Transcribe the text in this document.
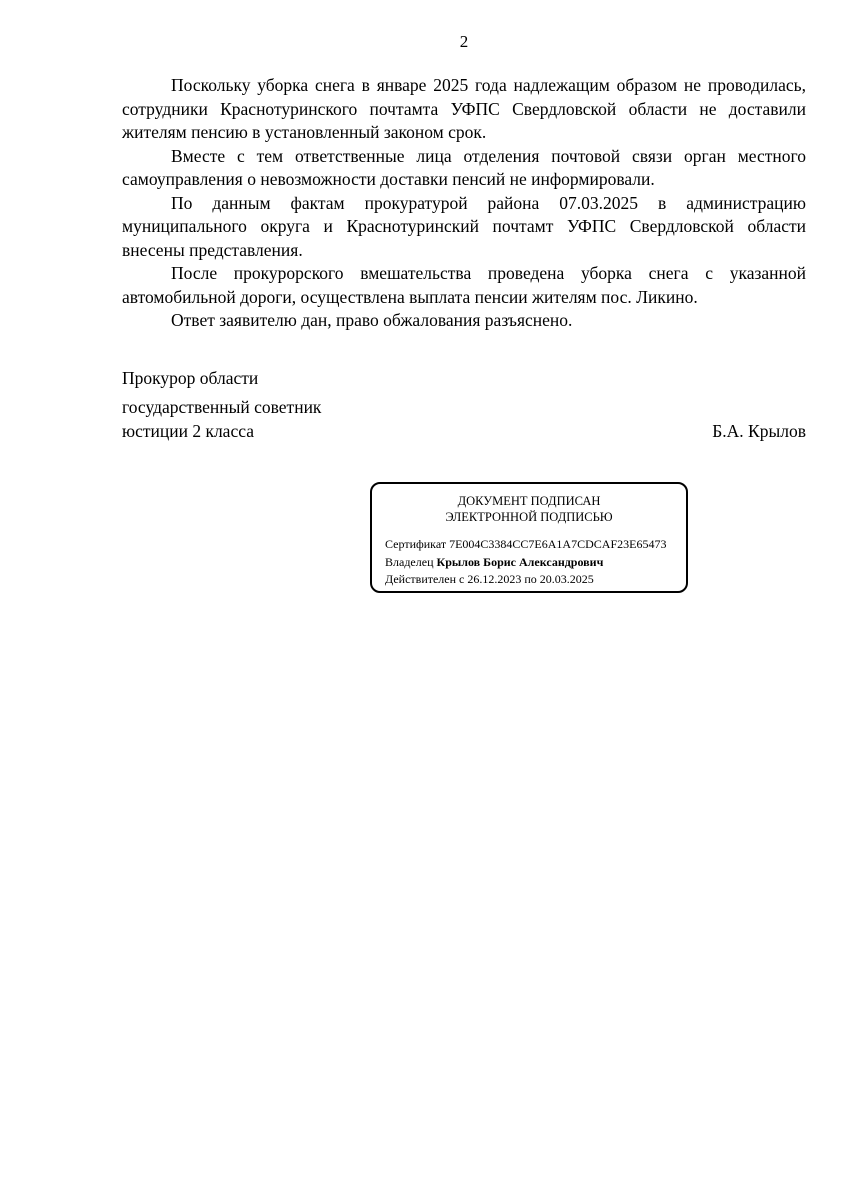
2

Поскольку уборка снега в январе 2025 года надлежащим образом не проводилась, сотрудники Краснотуринского почтамта УФПС Свердловской области не доставили жителям пенсию в установленный законом срок.

Вместе с тем ответственные лица отделения почтовой связи орган местного самоуправления о невозможности доставки пенсий не информировали.

По данным фактам прокуратурой района 07.03.2025 в администрацию муниципального округа и Краснотуринский почтамт УФПС Свердловской области внесены представления.

После прокурорского вмешательства проведена уборка снега с указанной автомобильной дороги, осуществлена выплата пенсии жителям пос. Ликино.

Ответ заявителю дан, право обжалования разъяснено.

Прокурор области
государственный советник
юстиции 2 класса	Б.А. Крылов
ДОКУМЕНТ ПОДПИСАН
ЭЛЕКТРОННОЙ ПОДПИСЬЮ
Сертификат 7E004C3384CC7E6A1A7CDCAF23E65473
Владелец Крылов Борис Александрович
Действителен с 26.12.2023 по 20.03.2025
